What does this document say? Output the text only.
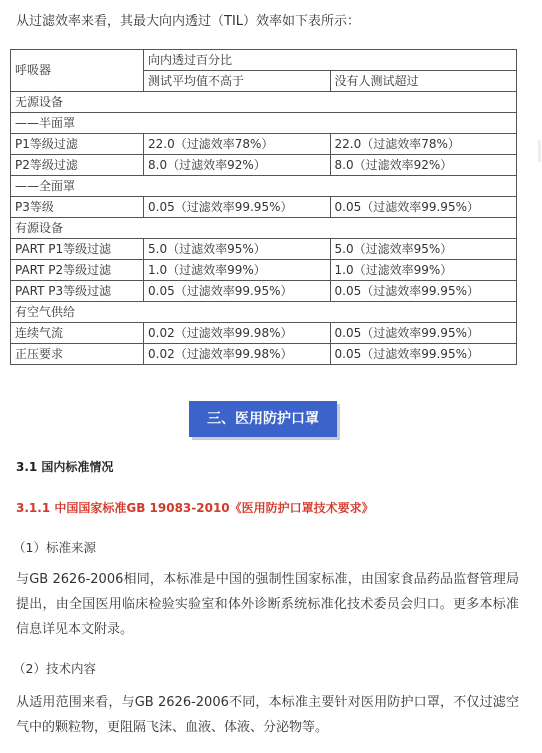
从过滤效率来看，其最大向内透过（TIL）效率如下表所示：
呼吸器	向内透过百分比	
	测试平均值不高于	没有人测试超过
无源设备		
——半面罩		
P1等级过滤	22.0（过滤效率78%）	22.0（过滤效率78%）
P2等级过滤	8.0（过滤效率92%）	8.0（过滤效率92%）
——全面罩		
P3等级	0.05（过滤效率99.95%）	0.05（过滤效率99.95%）
有源设备		
PART P1等级过滤	5.0（过滤效率95%）	5.0（过滤效率95%）
PART P2等级过滤	1.0（过滤效率99%）	1.0（过滤效率99%）
PART P3等级过滤	0.05（过滤效率99.95%）	0.05（过滤效率99.95%）
有空气供给		
连续气流	0.02（过滤效率99.98%）	0.05（过滤效率99.95%）
正压要求	0.02（过滤效率99.98%）	0.05（过滤效率99.95%）
三、医用防护口罩
3.1 国内标准情况
3.1.1 中国国家标准GB 19083-2010《医用防护口罩技术要求》
（1）标准来源
与GB 2626-2006相同，本标准是中国的强制性国家标准，由国家食品药品监督管理局提出，由全国医用临床检验实验室和体外诊断系统标准化技术委员会归口。更多本标准信息详见本文附录。
（2）技术内容
从适用范围来看，与GB 2626-2006不同，本标准主要针对医用防护口罩，不仅过滤空气中的颗粒物，更阻隔飞沫、血液、体液、分泌物等。
